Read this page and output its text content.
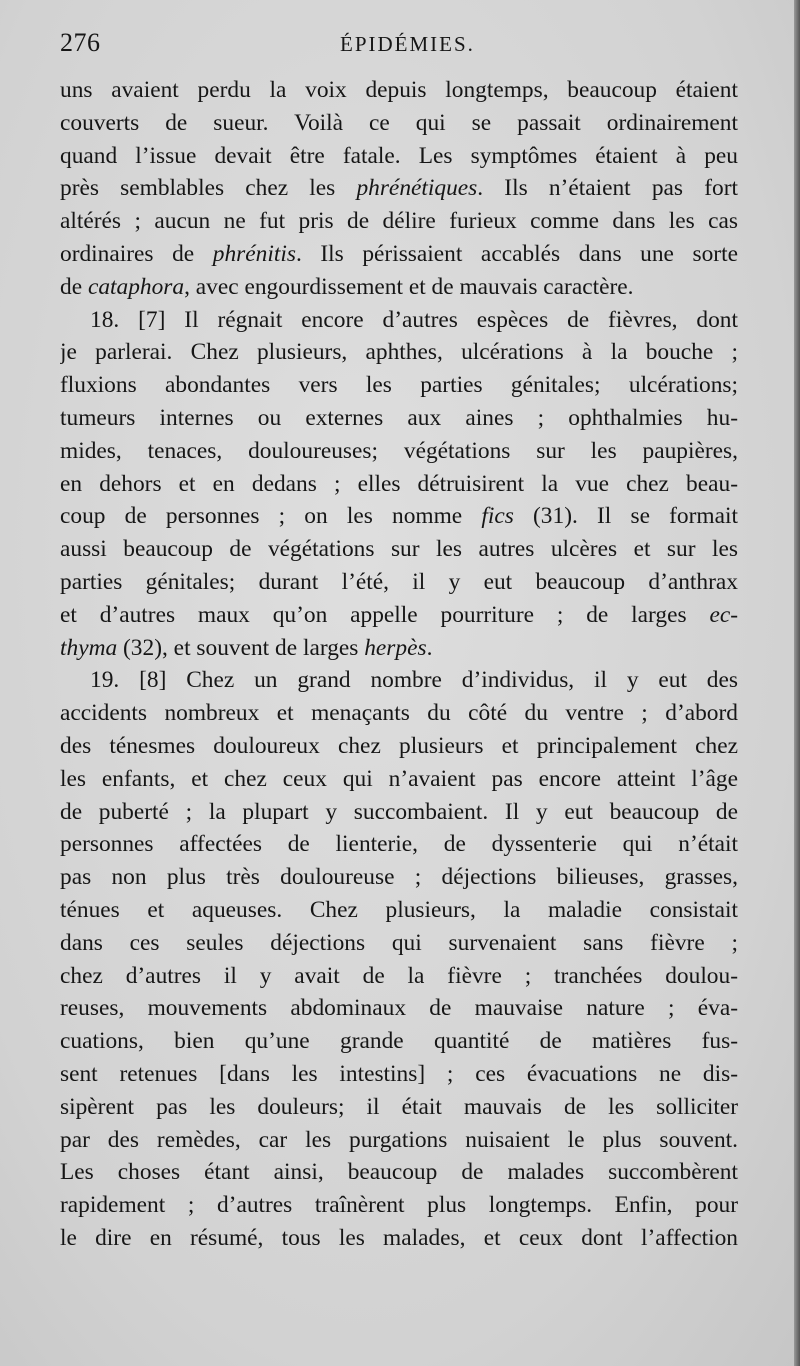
276	ÉPIDÉMIES.
uns avaient perdu la voix depuis longtemps, beaucoup étaient
couverts de sueur. Voilà ce qui se passait ordinairement
quand l’issue devait être fatale. Les symptômes étaient à peu
près semblables chez les phrénétiques. Ils n’étaient pas fort
altérés ; aucun ne fut pris de délire furieux comme dans les cas
ordinaires de phrénitis. Ils périssaient accablés dans une sorte
de cataphora, avec engourdissement et de mauvais caractère.
18. [7] Il régnait encore d’autres espèces de fièvres, dont
je parlerai. Chez plusieurs, aphthes, ulcérations à la bouche ;
fluxions abondantes vers les parties génitales; ulcérations;
tumeurs internes ou externes aux aines ; ophthalmies hu-
mides, tenaces, douloureuses; végétations sur les paupières,
en dehors et en dedans ; elles détruisirent la vue chez beau-
coup de personnes ; on les nomme fics (31). Il se formait
aussi beaucoup de végétations sur les autres ulcères et sur les
parties génitales; durant l’été, il y eut beaucoup d’anthrax
et d’autres maux qu’on appelle pourriture ; de larges ec-
thyma (32), et souvent de larges herpès.
19. [8] Chez un grand nombre d’individus, il y eut des
accidents nombreux et menaçants du côté du ventre ; d’abord
des ténesmes douloureux chez plusieurs et principalement chez
les enfants, et chez ceux qui n’avaient pas encore atteint l’âge
de puberté ; la plupart y succombaient. Il y eut beaucoup de
personnes affectées de lienterie, de dyssenterie qui n’était
pas non plus très douloureuse ; déjections bilieuses, grasses,
ténues et aqueuses. Chez plusieurs, la maladie consistait
dans ces seules déjections qui survenaient sans fièvre ;
chez d’autres il y avait de la fièvre ; tranchées doulou-
reuses, mouvements abdominaux de mauvaise nature ; éva-
cuations, bien qu’une grande quantité de matières fus-
sent retenues [dans les intestins] ; ces évacuations ne dis-
sipèrent pas les douleurs; il était mauvais de les solliciter
par des remèdes, car les purgations nuisaient le plus souvent.
Les choses étant ainsi, beaucoup de malades succombèrent
rapidement ; d’autres traînèrent plus longtemps. Enfin, pour
le dire en résumé, tous les malades, et ceux dont l’affection
